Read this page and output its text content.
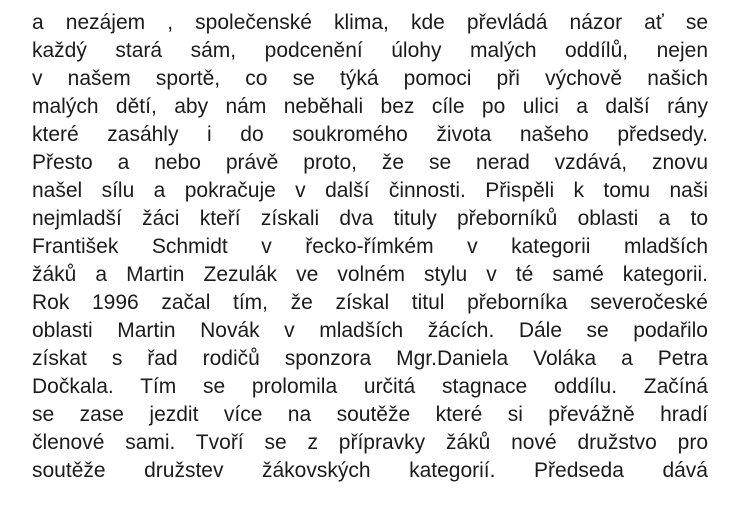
a nezájem , společenské klima, kde převládá názor ať se
každý stará sám, podcenění úlohy malých oddílů, nejen
v našem sportě, co se týká pomoci při výchově našich
malých dětí, aby nám neběhali bez cíle po ulici a další rány
které zasáhly i do soukromého života našeho předsedy.
Přesto a nebo právě proto, že se nerad vzdává, znovu
našel sílu a pokračuje v další činnosti. Přispěli k tomu naši
nejmladší žáci kteří získali dva tituly přeborníků oblasti a to
František Schmidt v řecko-římkém v kategorii mladších
žáků a Martin Zezulák ve volném stylu v té samé kategorii.
Rok 1996 začal tím, že získal titul přeborníka severočeské
oblasti Martin Novák v mladších žácích. Dále se podařilo
získat s řad rodičů sponzora Mgr.Daniela Voláka a Petra
Dočkala. Tím se prolomila určitá stagnace oddílu. Začíná
se zase jezdit více na soutěže které si převážně hradí
členové sami. Tvoří se z přípravky žáků nové družstvo pro
soutěže družstev žákovských kategorií. Předseda dává
